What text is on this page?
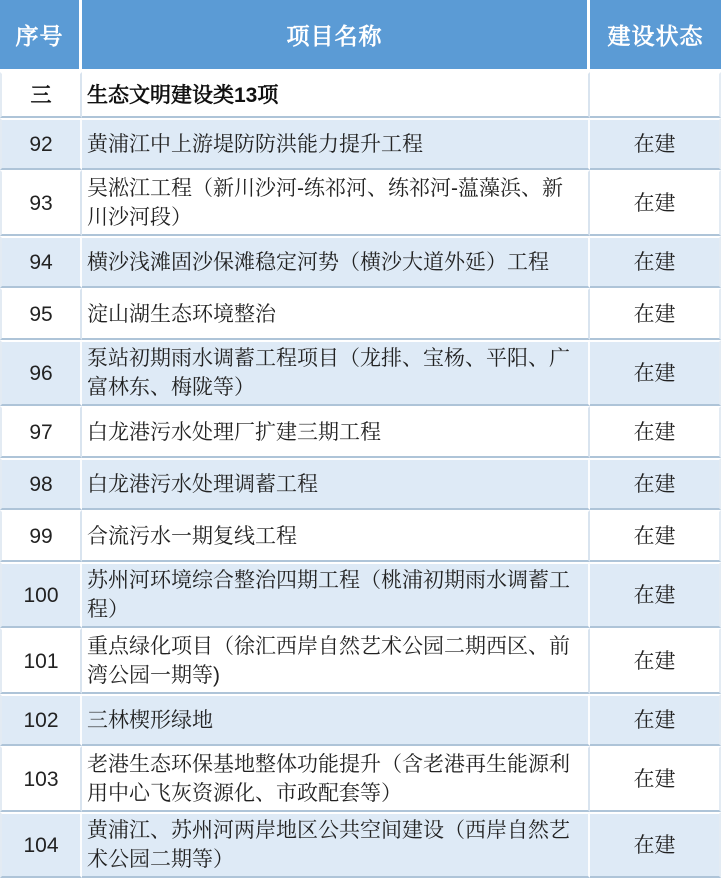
序号	项目名称	建设状态
三	生态文明建设类13项	
92	黄浦江中上游堤防防洪能力提升工程	在建
93	吴淞江工程（新川沙河-练祁河、练祁河-蕰藻浜、新川沙河段）	在建
94	横沙浅滩固沙保滩稳定河势（横沙大道外延）工程	在建
95	淀山湖生态环境整治	在建
96	泵站初期雨水调蓄工程项目（龙排、宝杨、平阳、广富林东、梅陇等）	在建
97	白龙港污水处理厂扩建三期工程	在建
98	白龙港污水处理调蓄工程	在建
99	合流污水一期复线工程	在建
100	苏州河环境综合整治四期工程（桃浦初期雨水调蓄工程）	在建
101	重点绿化项目（徐汇西岸自然艺术公园二期西区、前湾公园一期等)	在建
102	三林楔形绿地	在建
103	老港生态环保基地整体功能提升（含老港再生能源利用中心飞灰资源化、市政配套等）	在建
104	黄浦江、苏州河两岸地区公共空间建设（西岸自然艺术公园二期等）	在建
